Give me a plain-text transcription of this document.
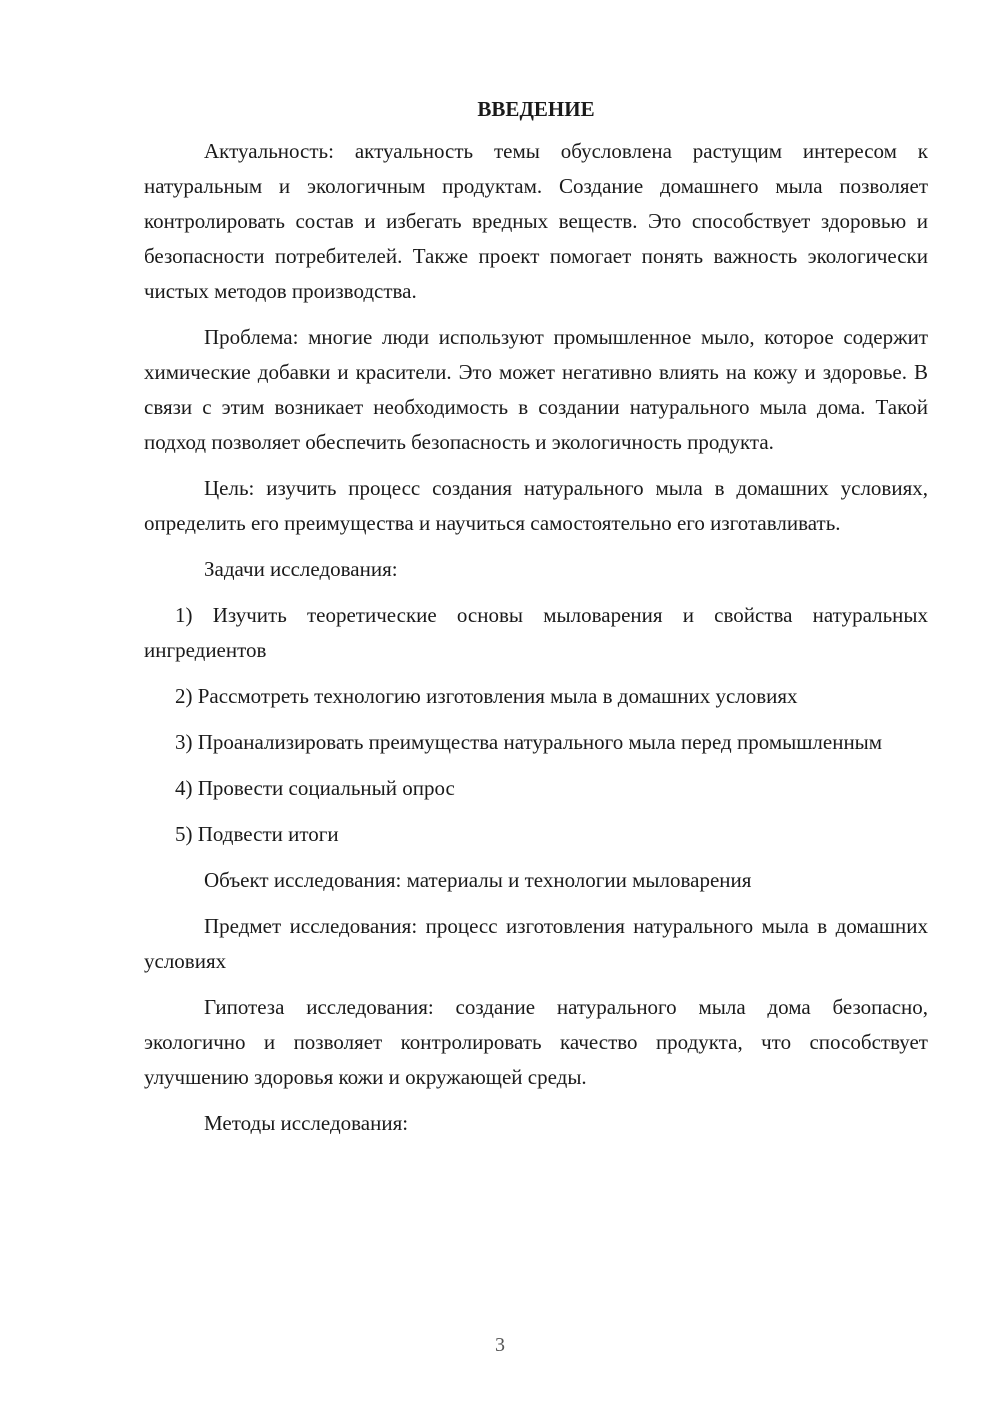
ВВЕДЕНИЕ

Актуальность: актуальность темы обусловлена растущим интересом к натуральным и экологичным продуктам. Создание домашнего мыла позволяет контролировать состав и избегать вредных веществ. Это способствует здоровью и безопасности потребителей. Также проект помогает понять важность экологически чистых методов производства.

Проблема: многие люди используют промышленное мыло, которое содержит химические добавки и красители. Это может негативно влиять на кожу и здоровье. В связи с этим возникает необходимость в создании натурального мыла дома. Такой подход позволяет обеспечить безопасность и экологичность продукта.

Цель: изучить процесс создания натурального мыла в домашних условиях, определить его преимущества и научиться самостоятельно его изготавливать.

Задачи исследования:

1) Изучить теоретические основы мыловарения и свойства натуральных ингредиентов

2) Рассмотреть технологию изготовления мыла в домашних условиях

3) Проанализировать преимущества натурального мыла перед промышленным

4) Провести социальный опрос

5) Подвести итоги

Объект исследования: материалы и технологии мыловарения

Предмет исследования: процесс изготовления натурального мыла в домашних условиях

Гипотеза исследования: создание натурального мыла дома безопасно, экологично и позволяет контролировать качество продукта, что способствует улучшению здоровья кожи и окружающей среды.

Методы исследования:

3
